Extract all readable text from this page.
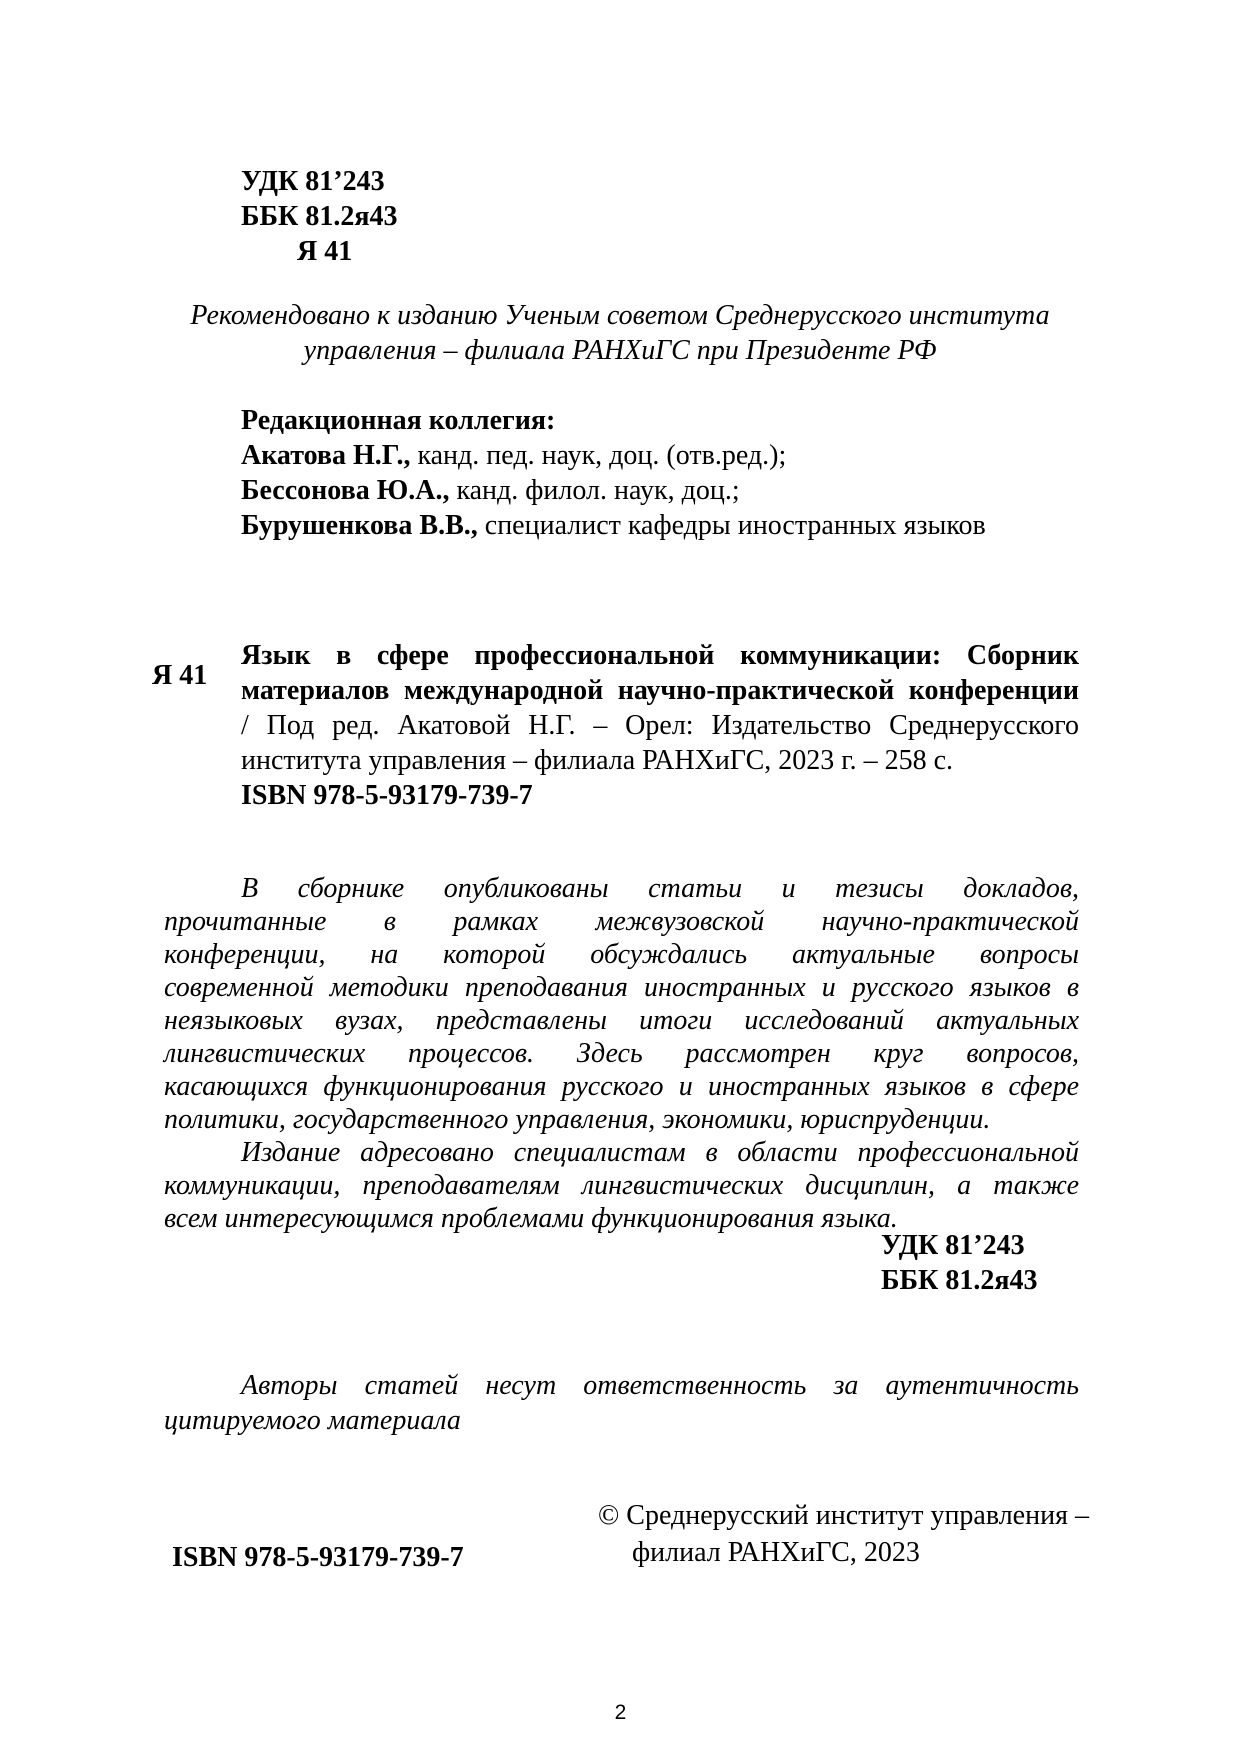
УДК 81’243
ББК 81.2я43
Я 41
Рекомендовано к изданию Ученым советом Среднерусского института
управления – филиала РАНХиГС при Президенте РФ
Редакционная коллегия:
Акатова Н.Г., канд. пед. наук, доц. (отв.ред.);
Бессонова Ю.А., канд. филол. наук, доц.;
Бурушенкова В.В., специалист кафедры иностранных языков
Я 41
Язык в сфере профессиональной коммуникации: Сборник
материалов международной научно-практической конференции
/ Под ред. Акатовой Н.Г. – Орел: Издательство Среднерусского
института управления – филиала РАНХиГС, 2023 г. – 258 с.
ISBN 978-5-93179-739-7
В сборнике опубликованы статьи и тезисы докладов,
прочитанные в рамках межвузовской научно-практической
конференции, на которой обсуждались актуальные вопросы
современной методики преподавания иностранных и русского языков в
неязыковых вузах, представлены итоги исследований актуальных
лингвистических процессов. Здесь рассмотрен круг вопросов,
касающихся функционирования русского и иностранных языков в сфере
политики, государственного управления, экономики, юриспруденции.
Издание адресовано специалистам в области профессиональной
коммуникации, преподавателям лингвистических дисциплин, а также
всем интересующимся проблемами функционирования языка.
УДК 81’243
ББК 81.2я43
Авторы статей несут ответственность за аутентичность
цитируемого материала
ISBN 978-5-93179-739-7
© Среднерусский институт управления –
филиал РАНХиГС, 2023
2
